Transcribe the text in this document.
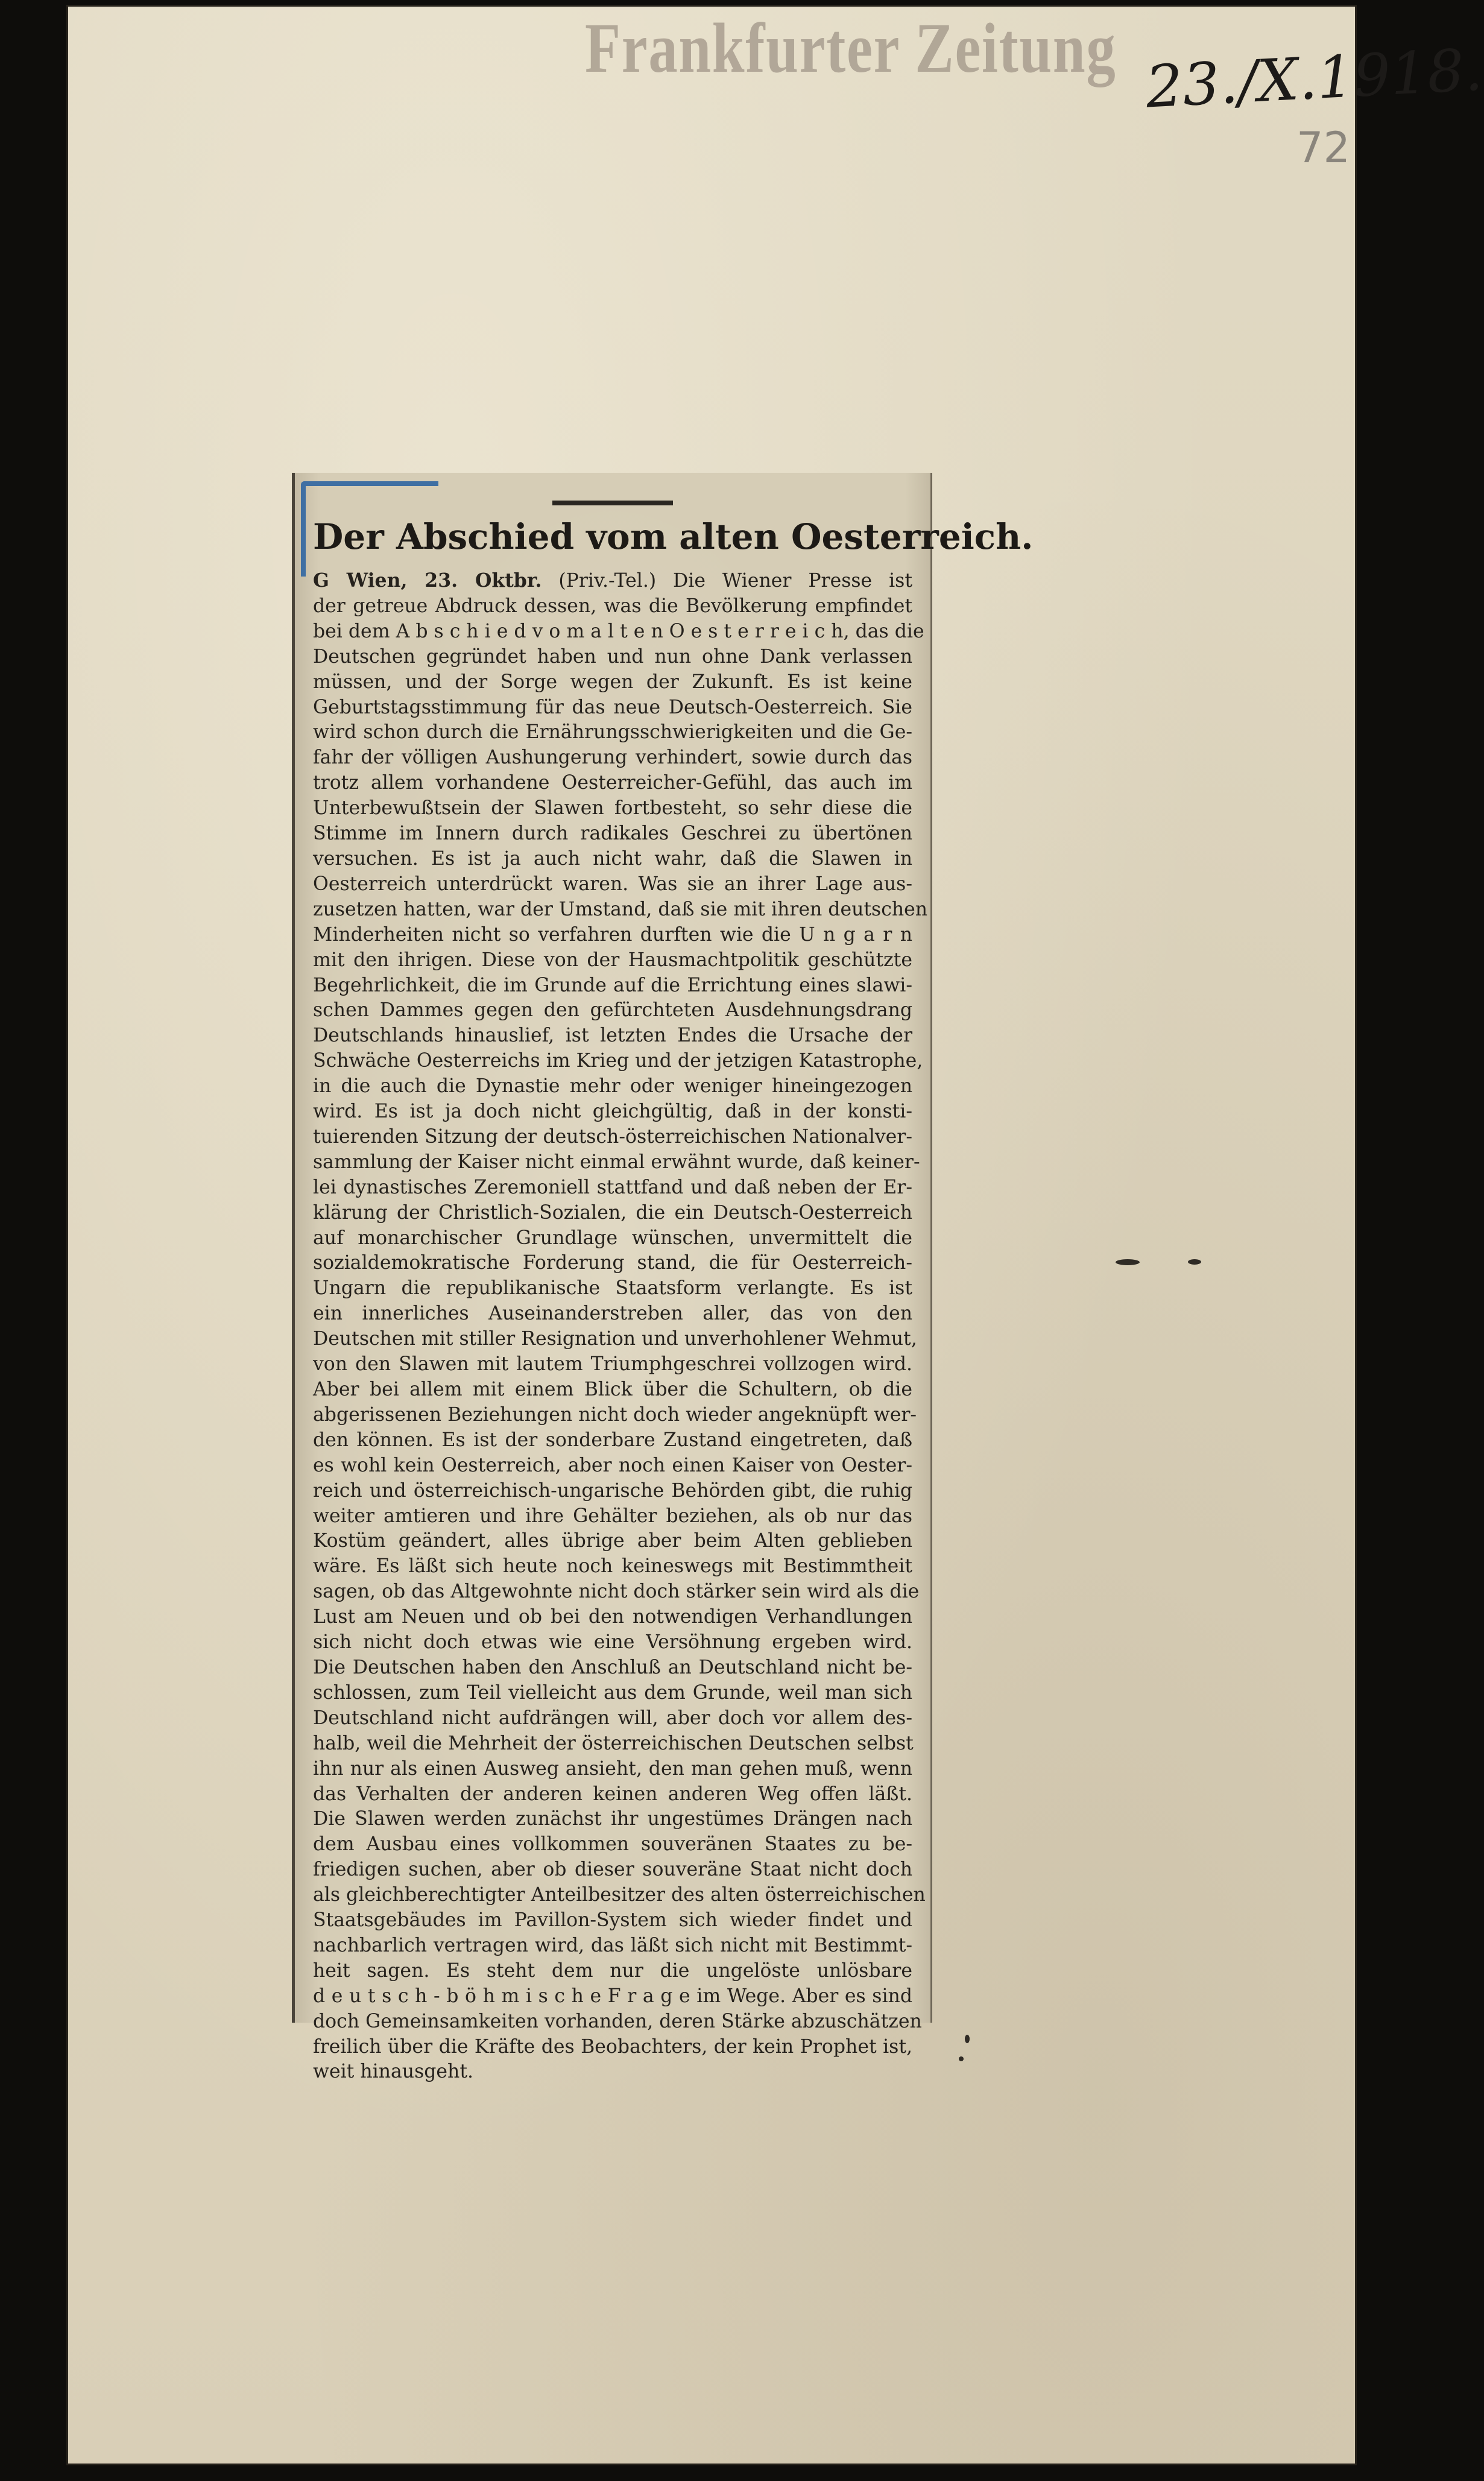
Frankfurter Zeitung 23./X.1918.
72
Der Abschied vom alten Oesterreich.
G Wien, 23. Oktbr. (Priv.-Tel.) Die Wiener Presse ist
der getreue Abdruck dessen, was die Bevölkerung empfindet
bei dem A b s c h i e d v o m a l t e n O e s t e r r e i c h, das die
Deutschen gegründet haben und nun ohne Dank verlassen
müssen, und der Sorge wegen der Zukunft. Es ist keine
Geburtstagsstimmung für das neue Deutsch-Oesterreich. Sie
wird schon durch die Ernährungsschwierigkeiten und die Ge-
fahr der völligen Aushungerung verhindert, sowie durch das
trotz allem vorhandene Oesterreicher-Gefühl, das auch im
Unterbewußtsein der Slawen fortbesteht, so sehr diese die
Stimme im Innern durch radikales Geschrei zu übertönen
versuchen. Es ist ja auch nicht wahr, daß die Slawen in
Oesterreich unterdrückt waren. Was sie an ihrer Lage aus-
zusetzen hatten, war der Umstand, daß sie mit ihren deutschen
Minderheiten nicht so verfahren durften wie die U n g a r n
mit den ihrigen. Diese von der Hausmachtpolitik geschützte
Begehrlichkeit, die im Grunde auf die Errichtung eines slawi-
schen Dammes gegen den gefürchteten Ausdehnungsdrang
Deutschlands hinauslief, ist letzten Endes die Ursache der
Schwäche Oesterreichs im Krieg und der jetzigen Katastrophe,
in die auch die Dynastie mehr oder weniger hineingezogen
wird. Es ist ja doch nicht gleichgültig, daß in der konsti-
tuierenden Sitzung der deutsch-österreichischen Nationalver-
sammlung der Kaiser nicht einmal erwähnt wurde, daß keiner-
lei dynastisches Zeremoniell stattfand und daß neben der Er-
klärung der Christlich-Sozialen, die ein Deutsch-Oesterreich
auf monarchischer Grundlage wünschen, unvermittelt die
sozialdemokratische Forderung stand, die für Oesterreich-
Ungarn die republikanische Staatsform verlangte. Es ist
ein innerliches Auseinanderstreben aller, das von den
Deutschen mit stiller Resignation und unverhohlener Wehmut,
von den Slawen mit lautem Triumphgeschrei vollzogen wird.
Aber bei allem mit einem Blick über die Schultern, ob die
abgerissenen Beziehungen nicht doch wieder angeknüpft wer-
den können. Es ist der sonderbare Zustand eingetreten, daß
es wohl kein Oesterreich, aber noch einen Kaiser von Oester-
reich und österreichisch-ungarische Behörden gibt, die ruhig
weiter amtieren und ihre Gehälter beziehen, als ob nur das
Kostüm geändert, alles übrige aber beim Alten geblieben
wäre. Es läßt sich heute noch keineswegs mit Bestimmtheit
sagen, ob das Altgewohnte nicht doch stärker sein wird als die
Lust am Neuen und ob bei den notwendigen Verhandlungen
sich nicht doch etwas wie eine Versöhnung ergeben wird.
Die Deutschen haben den Anschluß an Deutschland nicht be-
schlossen, zum Teil vielleicht aus dem Grunde, weil man sich
Deutschland nicht aufdrängen will, aber doch vor allem des-
halb, weil die Mehrheit der österreichischen Deutschen selbst
ihn nur als einen Ausweg ansieht, den man gehen muß, wenn
das Verhalten der anderen keinen anderen Weg offen läßt.
Die Slawen werden zunächst ihr ungestümes Drängen nach
dem Ausbau eines vollkommen souveränen Staates zu be-
friedigen suchen, aber ob dieser souveräne Staat nicht doch
als gleichberechtigter Anteilbesitzer des alten österreichischen
Staatsgebäudes im Pavillon-System sich wieder findet und
nachbarlich vertragen wird, das läßt sich nicht mit Bestimmt-
heit sagen. Es steht dem nur die ungelöste unlösbare
d e u t s c h - b ö h m i s c h e F r a g e im Wege. Aber es sind
doch Gemeinsamkeiten vorhanden, deren Stärke abzuschätzen
freilich über die Kräfte des Beobachters, der kein Prophet ist,
weit hinausgeht.
